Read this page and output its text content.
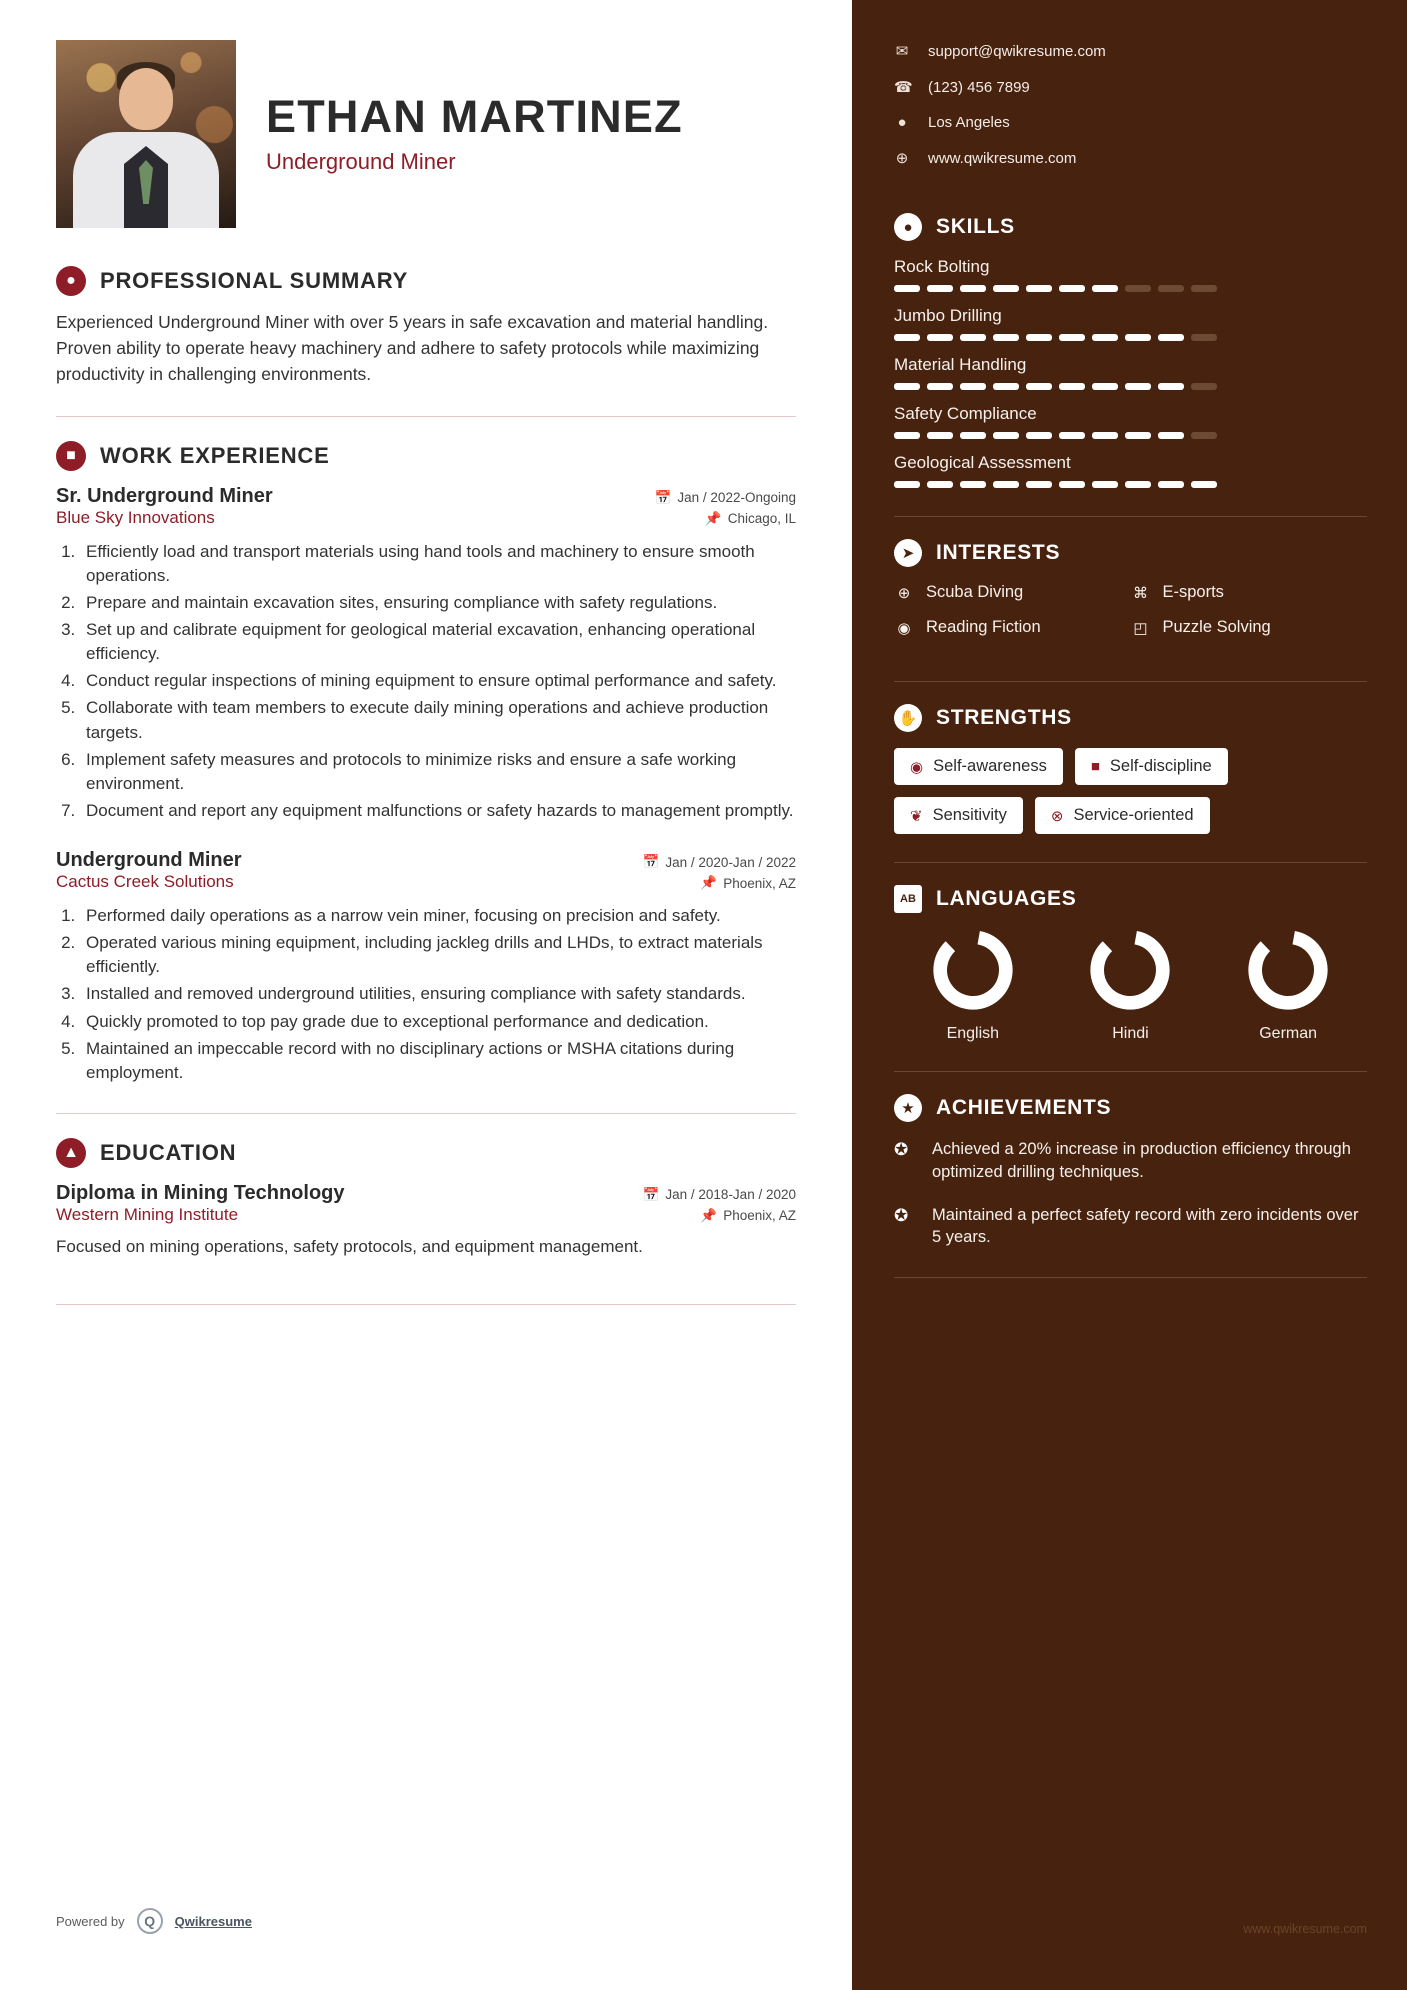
ETHAN MARTINEZ
Underground Miner
●	PROFESSIONAL SUMMARY
Experienced Underground Miner with over 5 years in safe excavation and material handling. Proven ability to operate heavy machinery and adhere to safety protocols while maximizing productivity in challenging environments.
■	WORK EXPERIENCE
Sr. Underground Miner	📅 Jan / 2022-Ongoing
Blue Sky Innovations	📌 Chicago, IL
1. Efficiently load and transport materials using hand tools and machinery to ensure smooth operations.
2. Prepare and maintain excavation sites, ensuring compliance with safety regulations.
3. Set up and calibrate equipment for geological material excavation, enhancing operational efficiency.
4. Conduct regular inspections of mining equipment to ensure optimal performance and safety.
5. Collaborate with team members to execute daily mining operations and achieve production targets.
6. Implement safety measures and protocols to minimize risks and ensure a safe working environment.
7. Document and report any equipment malfunctions or safety hazards to management promptly.
Underground Miner	📅 Jan / 2020-Jan / 2022
Cactus Creek Solutions	📌 Phoenix, AZ
1. Performed daily operations as a narrow vein miner, focusing on precision and safety.
2. Operated various mining equipment, including jackleg drills and LHDs, to extract materials efficiently.
3. Installed and removed underground utilities, ensuring compliance with safety standards.
4. Quickly promoted to top pay grade due to exceptional performance and dedication.
5. Maintained an impeccable record with no disciplinary actions or MSHA citations during employment.
▲ EDUCATION
Diploma in Mining Technology	📅 Jan / 2018-Jan / 2020
Western Mining Institute	📌 Phoenix, AZ
Focused on mining operations, safety protocols, and equipment management.
Powered by	Q	Qwikresume
✉ support@qwikresume.com
☎ (123) 456 7899
● Los Angeles
⊕ www.qwikresume.com
●	SKILLS
Rock Bolting
Jumbo Drilling
Material Handling
Safety Compliance
Geological Assessment
➤	INTERESTS
⊕ Scuba Diving	⌘ E-sports
◉ Reading Fiction	◰ Puzzle Solving
✋ STRENGTHS
◉ Self-awareness	■ Self-discipline
❦ Sensitivity	⊗ Service-oriented
AB LANGUAGES
English	Hindi	German
★	ACHIEVEMENTS
✪	Achieved a 20% increase in production efficiency through optimized drilling techniques.
✪	Maintained a perfect safety record with zero incidents over 5 years.
www.qwikresume.com
